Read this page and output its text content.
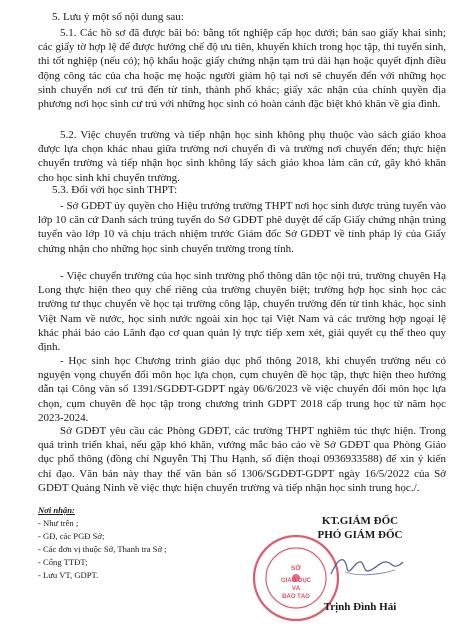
5. Lưu ý một số nội dung sau:

5.1. Các hồ sơ đã được bãi bỏ: bằng tốt nghiệp cấp học dưới; bản sao giấy khai sinh; các giấy tờ hợp lệ để được hưởng chế độ ưu tiên, khuyến khích trong học tập, thi tuyển sinh, thi tốt nghiệp (nếu có); hộ khẩu hoặc giấy chứng nhận tạm trú dài hạn hoặc quyết định điều động công tác của cha hoặc mẹ hoặc người giám hộ tại nơi sẽ chuyển đến với những học sinh chuyển nơi cư trú đến từ tỉnh, thành phố khác; giấy xác nhận của chính quyền địa phương nơi học sinh cư trú với những học sinh có hoàn cảnh đặc biệt khó khăn về gia đình.

5.2. Việc chuyển trường và tiếp nhận học sinh không phụ thuộc vào sách giáo khoa được lựa chọn khác nhau giữa trường nơi chuyển đi và trường nơi chuyển đến; thực hiện chuyển trường và tiếp nhận học sinh không lấy sách giáo khoa làm căn cứ, gây khó khăn cho học sinh khi chuyển trường.

5.3. Đối với học sinh THPT:

- Sở GDĐT ủy quyền cho Hiệu trưởng trường THPT nơi học sinh được trúng tuyển vào lớp 10 căn cứ Danh sách trúng tuyển do Sở GDĐT phê duyệt để cấp Giấy chứng nhận trúng tuyển vào lớp 10 và chịu trách nhiệm trước Giám đốc Sở GDĐT về tính pháp lý của Giấy chứng nhận cho những học sinh chuyển trường trong tỉnh.

- Việc chuyển trường của học sinh trường phổ thông dân tộc nội trú, trường chuyên Hạ Long thực hiện theo quy chế riêng của trường chuyên biệt; trường hợp học sinh học các trường tư thục chuyển về học tại trường công lập, chuyển trường đến từ tỉnh khác, học sinh Việt Nam về nước, học sinh nước ngoài xin học tại Việt Nam và các trường hợp ngoại lệ khác phải báo cáo Lãnh đạo cơ quan quản lý trực tiếp xem xét, giải quyết cụ thể theo quy định.

- Học sinh học Chương trình giáo dục phổ thông 2018, khi chuyển trường nếu có nguyện vọng chuyển đổi môn học lựa chọn, cụm chuyên đề học tập, thực hiện theo hướng dẫn tại Công văn số 1391/SGDĐT-GDPT ngày 06/6/2023 về việc chuyển đổi môn học lựa chọn, cụm chuyên đề học tập trong chương trình GDPT 2018 cấp trung học từ năm học 2023-2024.

Sở GDĐT yêu cầu các Phòng GDĐT, các trường THPT nghiêm túc thực hiện. Trong quá trình triển khai, nếu gặp khó khăn, vướng mắc báo cáo về Sở GDĐT qua Phòng Giáo dục phổ thông (đồng chí Nguyễn Thị Thu Hạnh, số điện thoại 0936933588) để xin ý kiến chỉ đạo. Văn bản này thay thế văn bản số 1306/SGDĐT-GDPT ngày 16/5/2022 của Sở GDĐT Quảng Ninh về việc thực hiện chuyển trường và tiếp nhận học sinh trung học./.

Nơi nhận:
- Như trên ;
- GĐ, các PGĐ Sở;
- Các đơn vị thuộc Sở, Thanh tra Sở ;
- Cổng TTĐT;
- Lưu VT, GDPT.
SỞ
GIÁO DỤC
VÀ
ĐÀO TẠO
KT.GIÁM ĐỐC
PHÓ GIÁM ĐỐC
Trịnh Đình Hải
